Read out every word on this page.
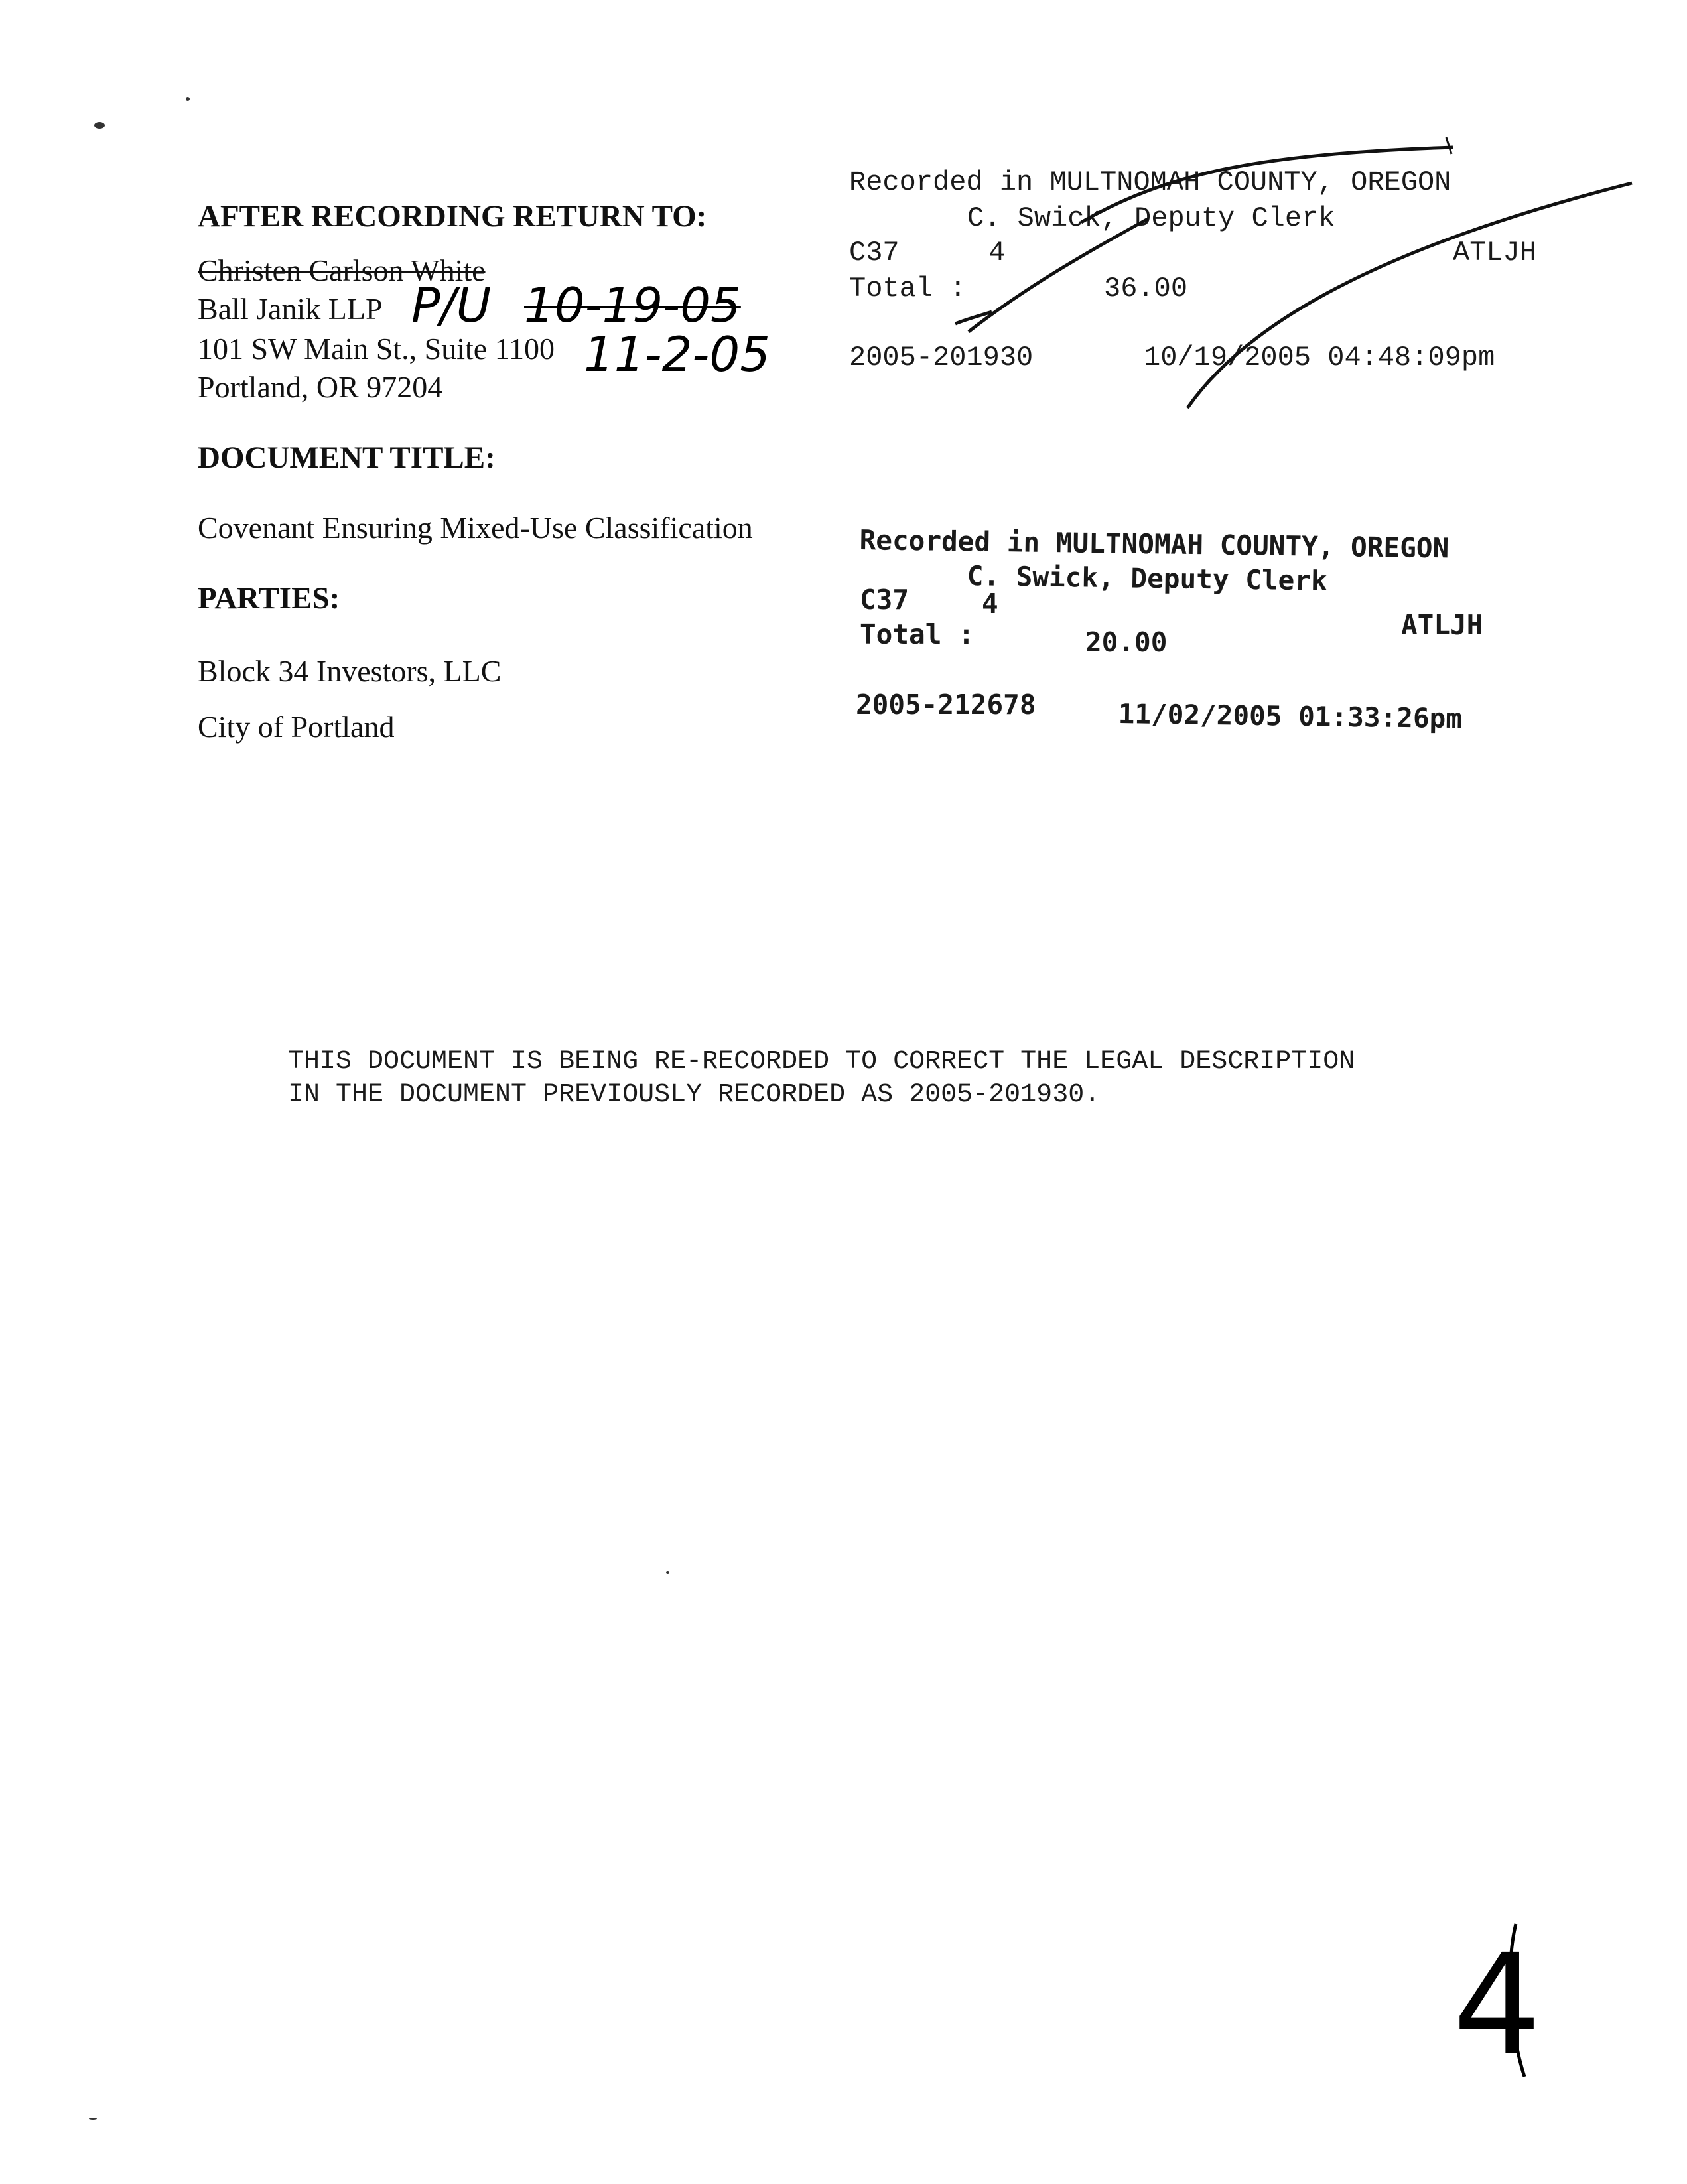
AFTER RECORDING RETURN TO:
Christen Carlson White
Ball Janik LLP
101 SW Main St., Suite 1100
Portland, OR 97204
P/U 10-19-05
11-2-05
DOCUMENT TITLE:
Covenant Ensuring Mixed-Use Classification
PARTIES:
Block 34 Investors, LLC
City of Portland
Recorded in MULTNOMAH COUNTY, OREGON
C. Swick, Deputy Clerk
C37	4	ATLJH
Total :	36.00
2005-201930	10/19/2005 04:48:09pm
Recorded in MULTNOMAH COUNTY, OREGON
C. Swick, Deputy Clerk
C37	4
ATLJH
Total :	20.00
2005-212678	11/02/2005 01:33:26pm
THIS DOCUMENT IS BEING RE-RECORDED TO CORRECT THE LEGAL DESCRIPTION
IN THE DOCUMENT PREVIOUSLY RECORDED AS 2005-201930.
4
